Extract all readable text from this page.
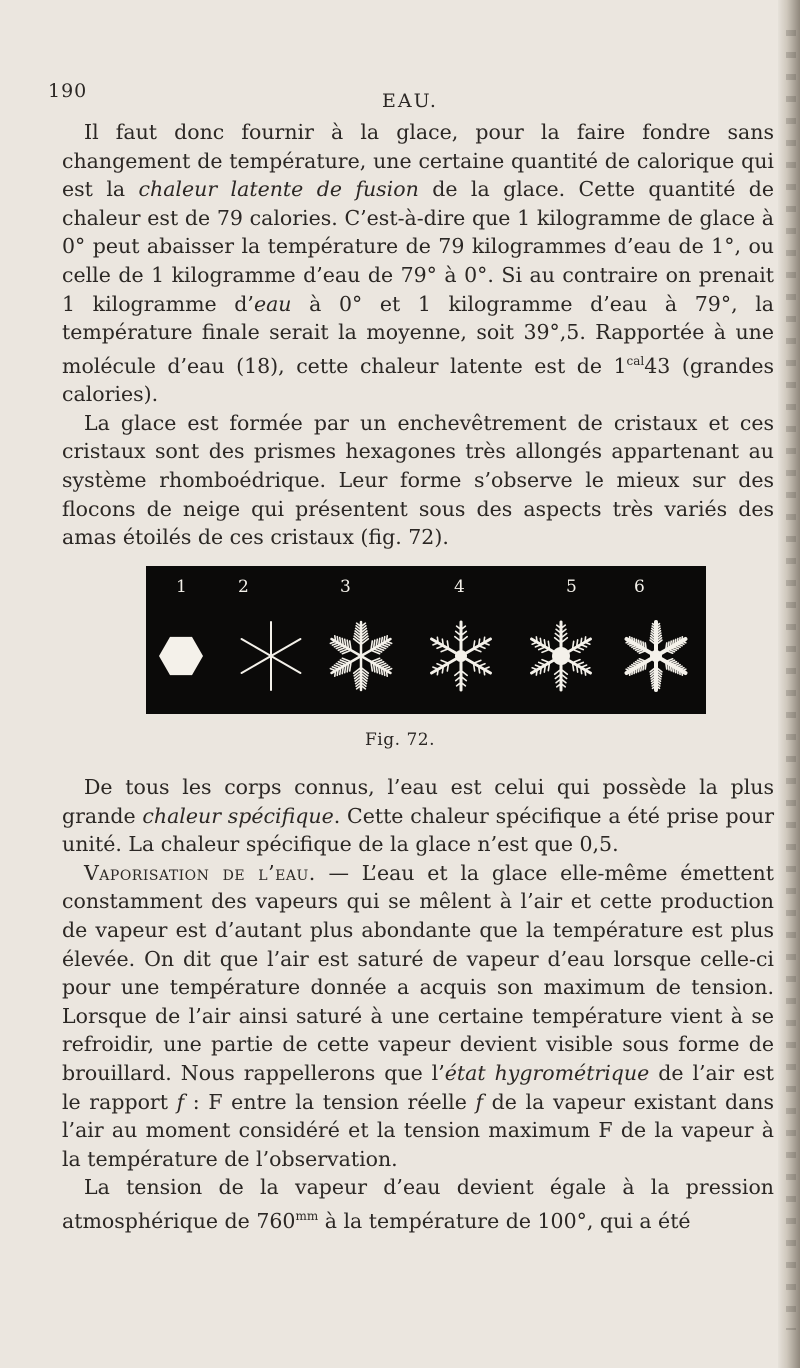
190	EAU.

Il faut donc fournir à la glace, pour la faire fondre sans changement de température, une certaine quantité de calorique qui est la chaleur latente de fusion de la glace. Cette quantité de chaleur est de 79 calories. C’est-à-dire que 1 kilogramme de glace à 0° peut abaisser la température de 79 kilogrammes d’eau de 1°, ou celle de 1 kilogramme d’eau de 79° à 0°. Si au contraire on prenait 1 kilogramme d’eau à 0° et 1 kilogramme d’eau à 79°, la température finale serait la moyenne, soit 39°,5. Rapportée à une molécule d’eau (18), cette chaleur latente est de $1^{cal}43$ (grandes calories).

La glace est formée par un enchevêtrement de cristaux et ces cristaux sont des prismes hexagones très allongés appartenant au système rhomboédrique. Leur forme s’observe le mieux sur des flocons de neige qui présentent sous des aspects très variés des amas étoilés de ces cristaux (fig. 72).

1	2	3	4	5	6
Fig. 72.

De tous les corps connus, l’eau est celui qui possède la plus grande chaleur spécifique. Cette chaleur spécifique a été prise pour unité. La chaleur spécifique de la glace n’est que 0,5.

Vaporisation de l’eau. — L’eau et la glace elle-même émettent constamment des vapeurs qui se mêlent à l’air et cette production de vapeur est d’autant plus abondante que la température est plus élevée. On dit que l’air est saturé de vapeur d’eau lorsque celle-ci pour une température donnée a acquis son maximum de tension. Lorsque de l’air ainsi saturé à une certaine température vient à se refroidir, une partie de cette vapeur devient visible sous forme de brouillard. Nous rappellerons que l’état hygrométrique de l’air est le rapport f : F entre la tension réelle f de la vapeur existant dans l’air au moment considéré et la tension maximum F de la vapeur à la température de l’observation.

La tension de la vapeur d’eau devient égale à la pression atmosphérique de $760^{mm}$ à la température de 100°, qui a été
